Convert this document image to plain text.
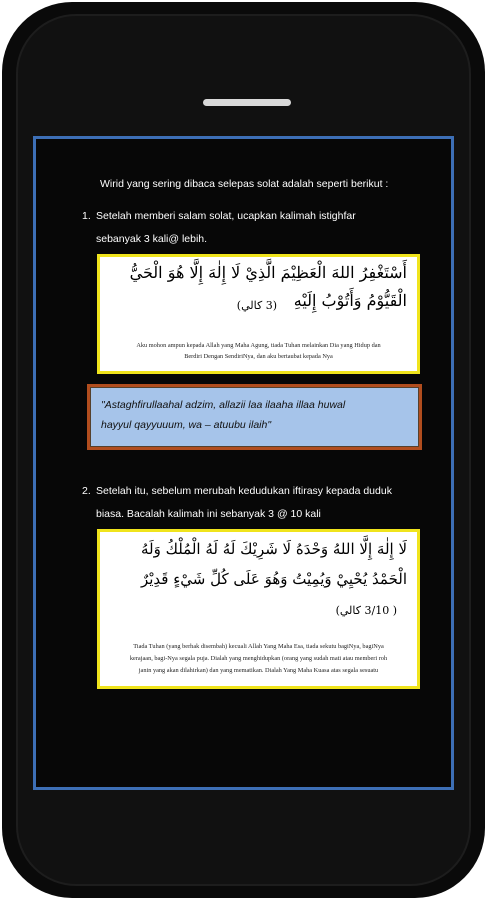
Wirid yang sering dibaca selepas solat adalah seperti berikut :
1. Setelah memberi salam solat, ucapkan kalimah istighfar
sebanyak 3 kali@ lebih.
أَسْتَغْفِرُ اللهَ الْعَظِيْمَ الَّذِيْ لَا إِلٰهَ إِلَّا هُوَ الْحَيُّ
الْقَيُّوْمُ وَأَتُوْبُ إِلَيْهِ
(3 كالي)
Aku mohon ampun kepada Allah yang Maha Agung, tiada Tuhan melainkan Dia yang Hidup dan
Berdiri Dengan SendiriNya, dan aku bertaubat kepada Nya
"Astaghfirullaahal adzim, allazii laa ilaaha illaa huwal
hayyul qayyuuum, wa – atuubu ilaih"
2. Setelah itu, sebelum merubah kedudukan iftirasy kepada duduk
biasa. Bacalah kalimah ini sebanyak 3 @ 10 kali
لَا إِلٰهَ إِلَّا اللهُ وَحْدَهُ لَا شَرِيْكَ لَهُ لَهُ الْمُلْكُ وَلَهُ
الْحَمْدُ يُحْيِيْ وَيُمِيْتُ وَهُوَ عَلَى كُلِّ شَيْءٍ قَدِيْرٌ
( 3/10 كالي)
Tiada Tuhan (yang berhak disembah) kecuali Allah Yang Maha Esa, tiada sekutu bagiNya, bagiNya
kerajaan, bagi-Nya segala puja. Dialah yang menghidupkan (orang yang sudah mati atau memberi roh
janin yang akan dilahirkan) dan yang mematikan. Dialah Yang Maha Kuasa atas segala sesuatu
